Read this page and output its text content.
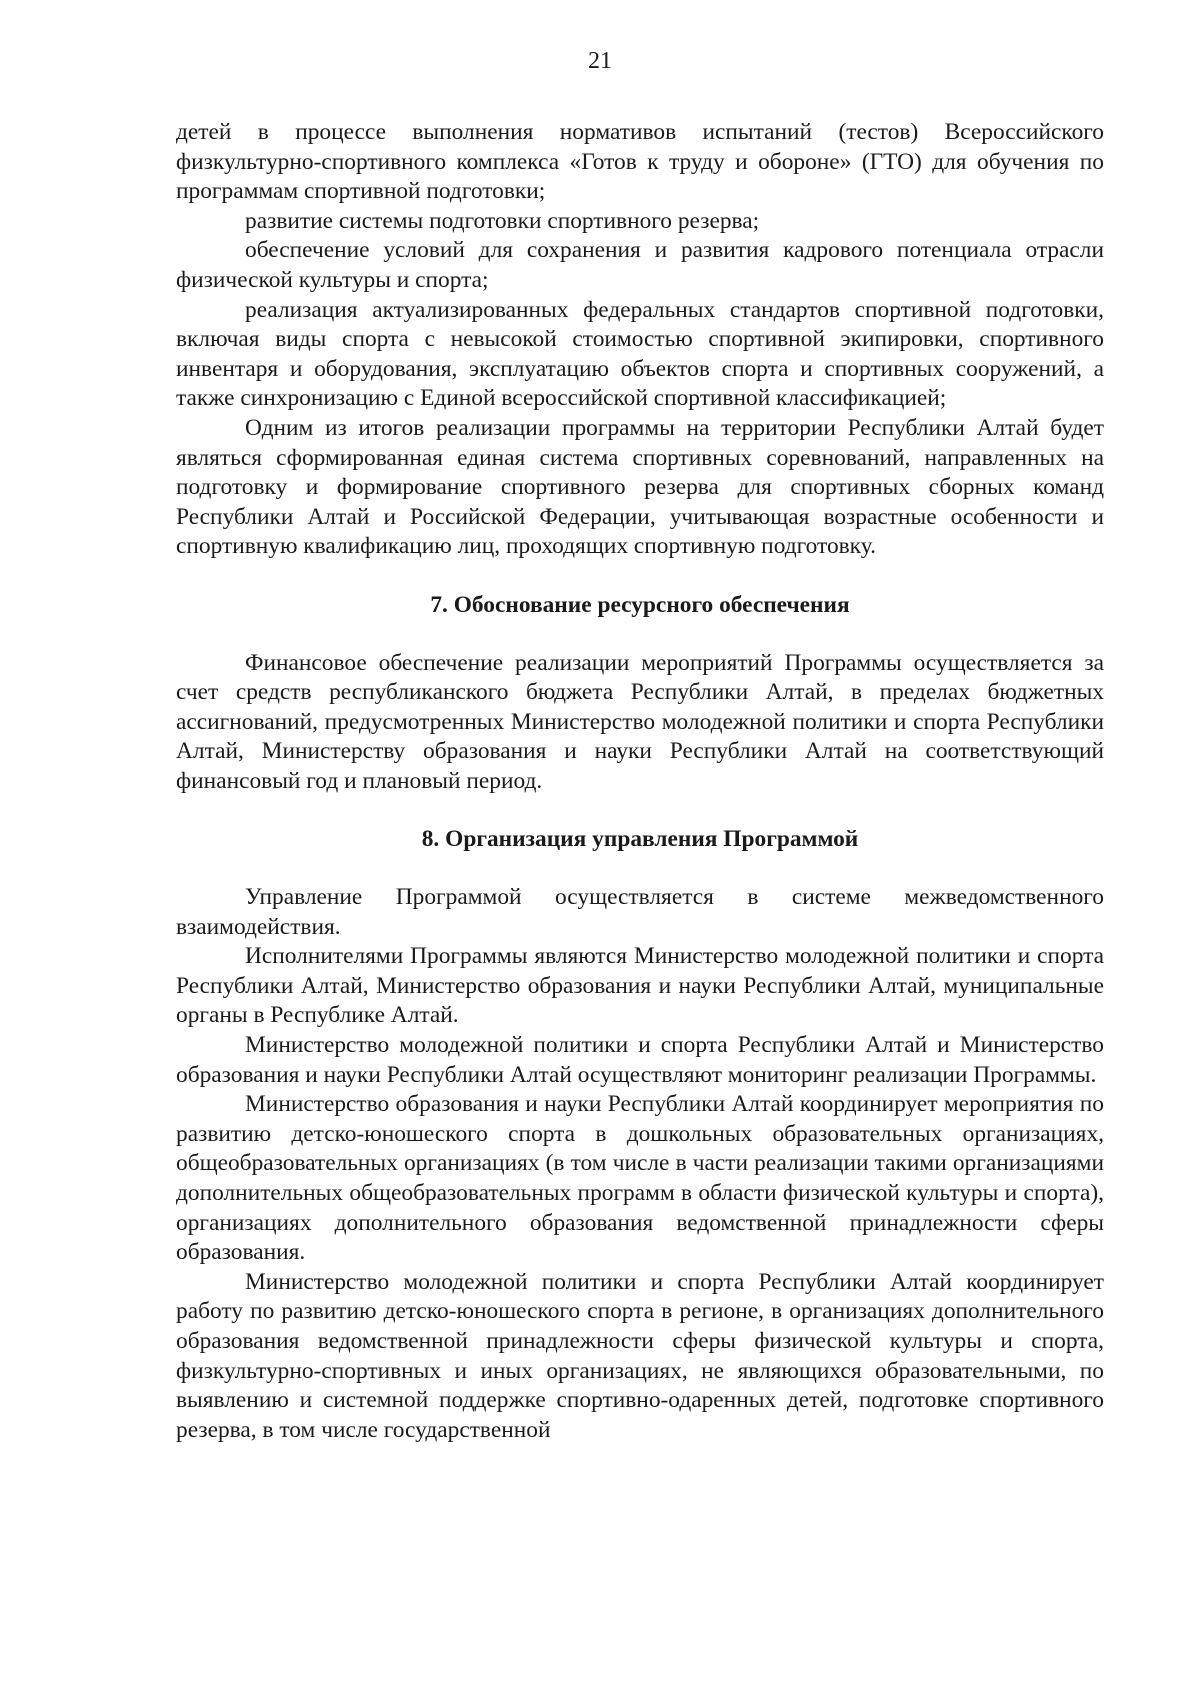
21

детей в процессе выполнения нормативов испытаний (тестов) Всероссийского физкультурно-спортивного комплекса «Готов к труду и обороне» (ГТО) для обучения по программам спортивной подготовки;

развитие системы подготовки спортивного резерва;

обеспечение условий для сохранения и развития кадрового потенциала отрасли физической культуры и спорта;

реализация актуализированных федеральных стандартов спортивной подготовки, включая виды спорта с невысокой стоимостью спортивной экипировки, спортивного инвентаря и оборудования, эксплуатацию объектов спорта и спортивных сооружений, а также синхронизацию с Единой всероссийской спортивной классификацией;

Одним из итогов реализации программы на территории Республики Алтай будет являться сформированная единая система спортивных соревнований, направленных на подготовку и формирование спортивного резерва для спортивных сборных команд Республики Алтай и Российской Федерации, учитывающая возрастные особенности и спортивную квалификацию лиц, проходящих спортивную подготовку.

7. Обоснование ресурсного обеспечения

Финансовое обеспечение реализации мероприятий Программы осуществляется за счет средств республиканского бюджета Республики Алтай, в пределах бюджетных ассигнований, предусмотренных Министерство молодежной политики и спорта Республики Алтай, Министерству образования и науки Республики Алтай на соответствующий финансовый год и плановый период.

8. Организация управления Программой

Управление Программой осуществляется в системе межведомственного взаимодействия.

Исполнителями Программы являются Министерство молодежной политики и спорта Республики Алтай, Министерство образования и науки Республики Алтай, муниципальные органы в Республике Алтай.

Министерство молодежной политики и спорта Республики Алтай и Министерство образования и науки Республики Алтай осуществляют мониторинг реализации Программы.

Министерство образования и науки Республики Алтай координирует мероприятия по развитию детско-юношеского спорта в дошкольных образовательных организациях, общеобразовательных организациях (в том числе в части реализации такими организациями дополнительных общеобразовательных программ в области физической культуры и спорта), организациях дополнительного образования ведомственной принадлежности сферы образования.

Министерство молодежной политики и спорта Республики Алтай координирует работу по развитию детско-юношеского спорта в регионе, в организациях дополнительного образования ведомственной принадлежности сферы физической культуры и спорта, физкультурно-спортивных и иных организациях, не являющихся образовательными, по выявлению и системной поддержке спортивно-одаренных детей, подготовке спортивного резерва, в том числе государственной
